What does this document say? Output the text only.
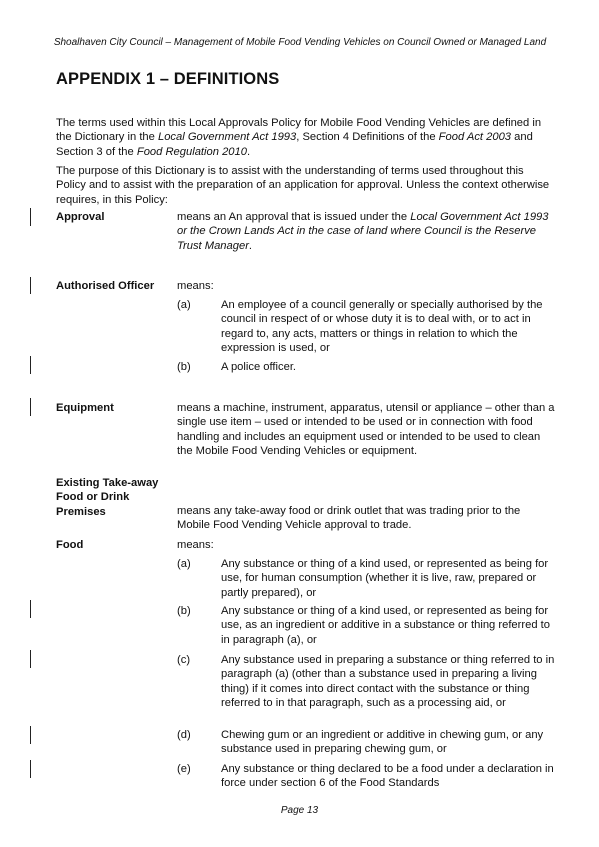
Shoalhaven City Council – Management of Mobile Food Vending Vehicles on Council Owned or Managed Land
APPENDIX 1 – DEFINITIONS
The terms used within this Local Approvals Policy for Mobile Food Vending Vehicles are defined in the Dictionary in the Local Government Act 1993, Section 4 Definitions of the Food Act 2003 and Section 3 of the Food Regulation 2010.
The purpose of this Dictionary is to assist with the understanding of terms used throughout this Policy and to assist with the preparation of an application for approval. Unless the context otherwise requires, in this Policy:
Approval	means an An approval that is issued under the Local Government Act 1993 or the Crown Lands Act in the case of land where Council is the Reserve Trust Manager.
Authorised Officer	means:
(a)	An employee of a council generally or specially authorised by the council in respect of or whose duty it is to deal with, or to act in regard to, any acts, matters or things in relation to which the expression is used, or
(b)	A police officer.
Equipment	means a machine, instrument, apparatus, utensil or appliance – other than a single use item – used or intended to be used or in connection with food handling and includes an equipment used or intended to be used to clean the Mobile Food Vending Vehicles or equipment.
Existing Take-away Food or Drink Premises	means any take-away food or drink outlet that was trading prior to the Mobile Food Vending Vehicle approval to trade.
Food	means:
(a)	Any substance or thing of a kind used, or represented as being for use, for human consumption (whether it is live, raw, prepared or partly prepared), or
(b)	Any substance or thing of a kind used, or represented as being for use, as an ingredient or additive in a substance or thing referred to in paragraph (a), or
(c)	Any substance used in preparing a substance or thing referred to in paragraph (a) (other than a substance used in preparing a living thing) if it comes into direct contact with the substance or thing referred to in that paragraph, such as a processing aid, or
(d)	Chewing gum or an ingredient or additive in chewing gum, or any substance used in preparing chewing gum, or
(e)	Any substance or thing declared to be a food under a declaration in force under section 6 of the Food Standards
Page 13
